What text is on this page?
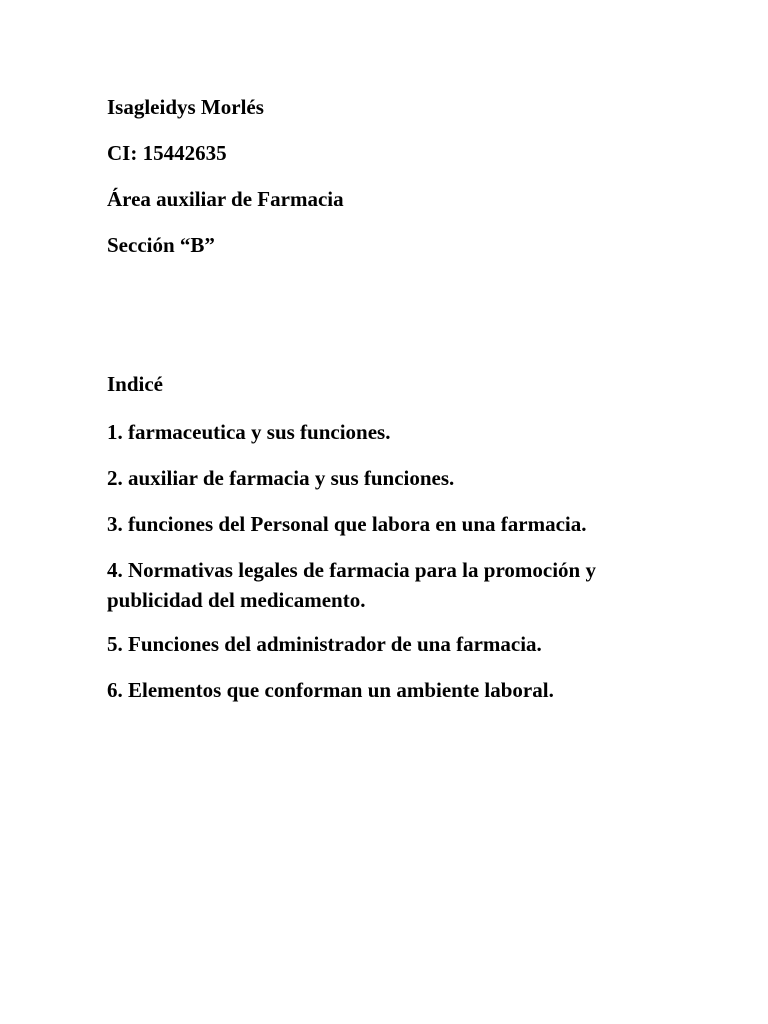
Isagleidys Morlés
CI: 15442635
Área auxiliar de Farmacia
Sección “B”
Indicé
1. farmaceutica y sus funciones.
2. auxiliar de farmacia y sus funciones.
3. funciones del Personal que labora en una farmacia.
4. Normativas legales de farmacia para la promoción y publicidad del medicamento.
5. Funciones del administrador de una farmacia.
6. Elementos que conforman un ambiente laboral.
